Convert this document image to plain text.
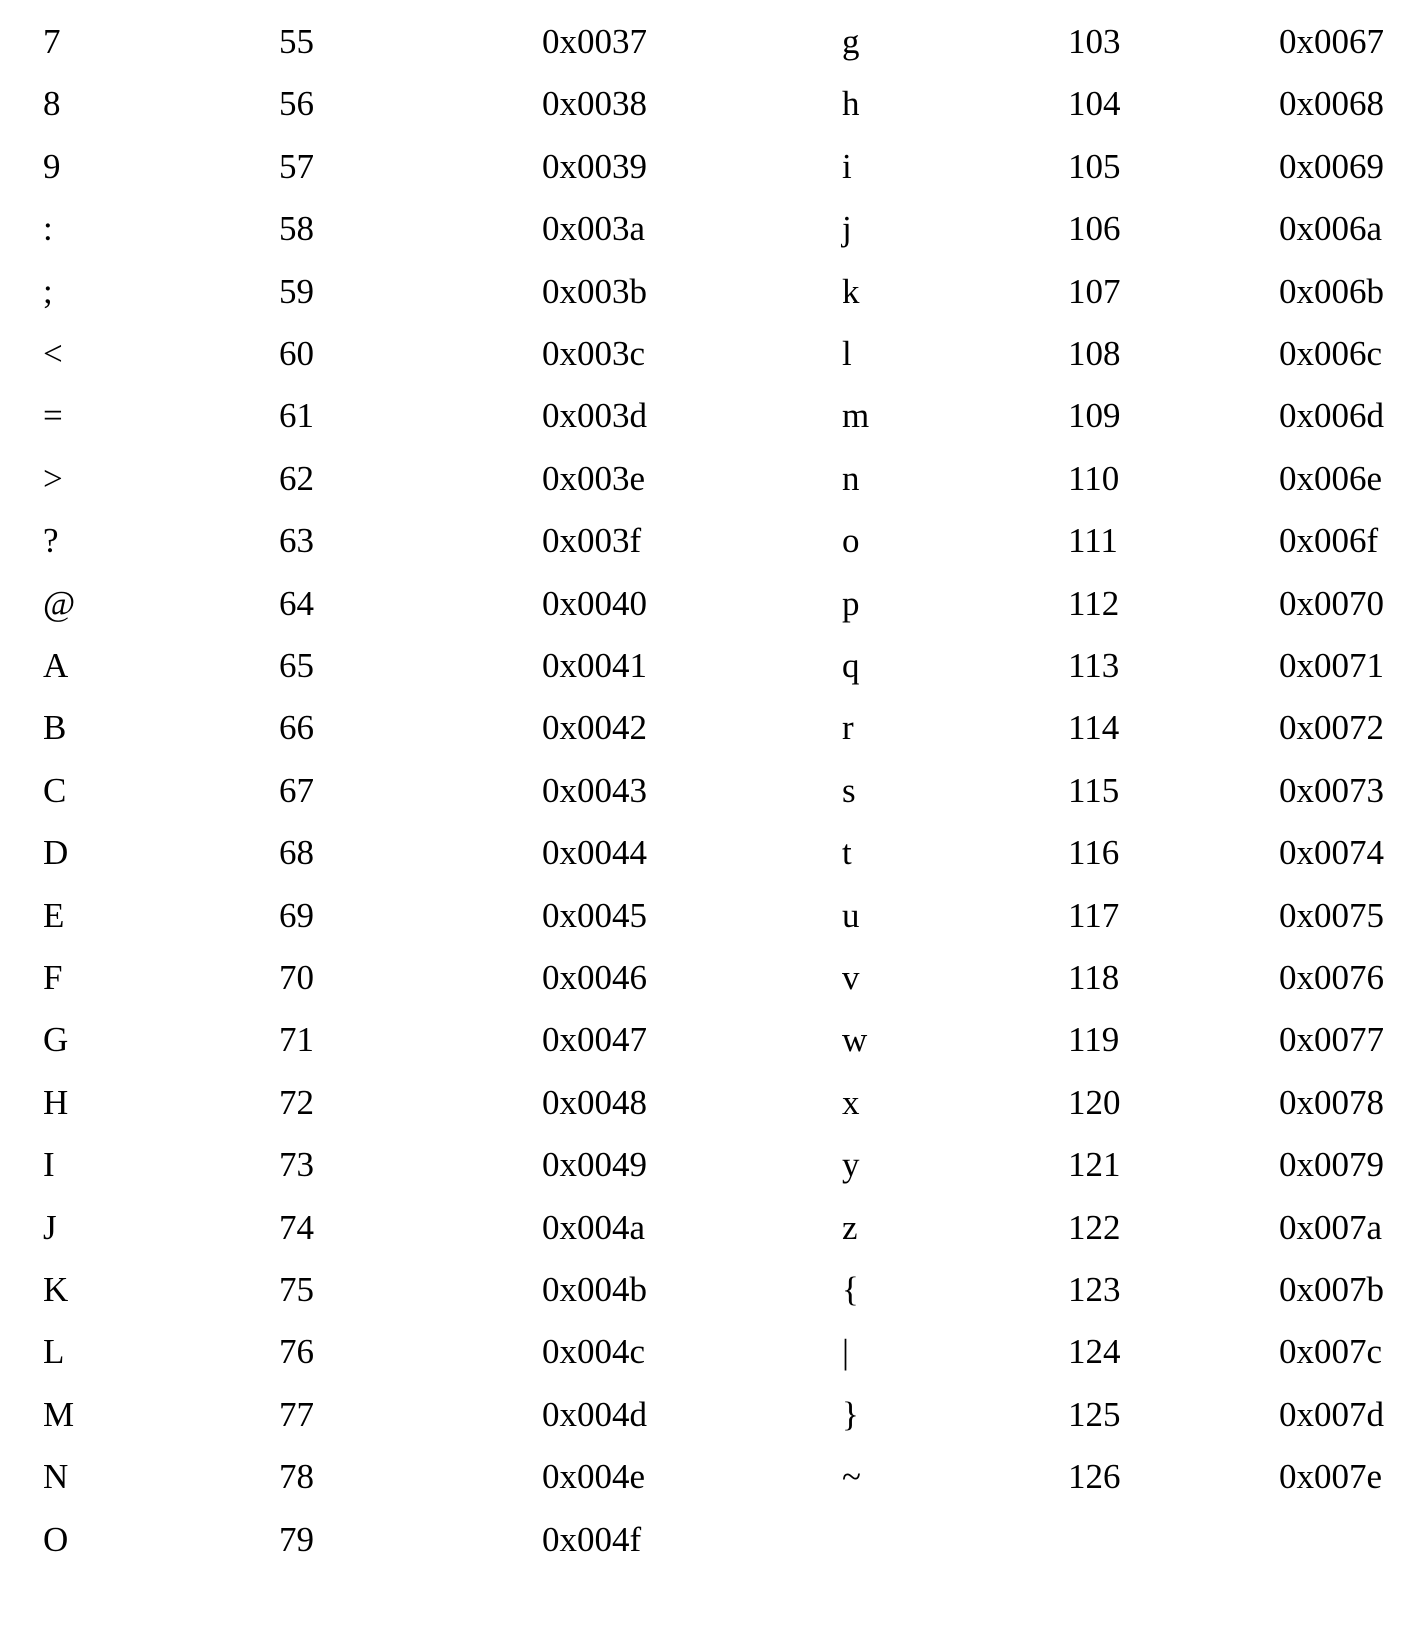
7	55	0x0037	g	103	0x0067
8	56	0x0038	h	104	0x0068
9	57	0x0039	i	105	0x0069
:	58	0x003a	j	106	0x006a
;	59	0x003b	k	107	0x006b
<	60	0x003c	l	108	0x006c
=	61	0x003d	m	109	0x006d
>	62	0x003e	n	110	0x006e
?	63	0x003f	o	111	0x006f
@	64	0x0040	p	112	0x0070
A	65	0x0041	q	113	0x0071
B	66	0x0042	r	114	0x0072
C	67	0x0043	s	115	0x0073
D	68	0x0044	t	116	0x0074
E	69	0x0045	u	117	0x0075
F	70	0x0046	v	118	0x0076
G	71	0x0047	w	119	0x0077
H	72	0x0048	x	120	0x0078
I	73	0x0049	y	121	0x0079
J	74	0x004a	z	122	0x007a
K	75	0x004b	{	123	0x007b
L	76	0x004c	|	124	0x007c
M	77	0x004d	}	125	0x007d
N	78	0x004e	~	126	0x007e
O	79	0x004f
